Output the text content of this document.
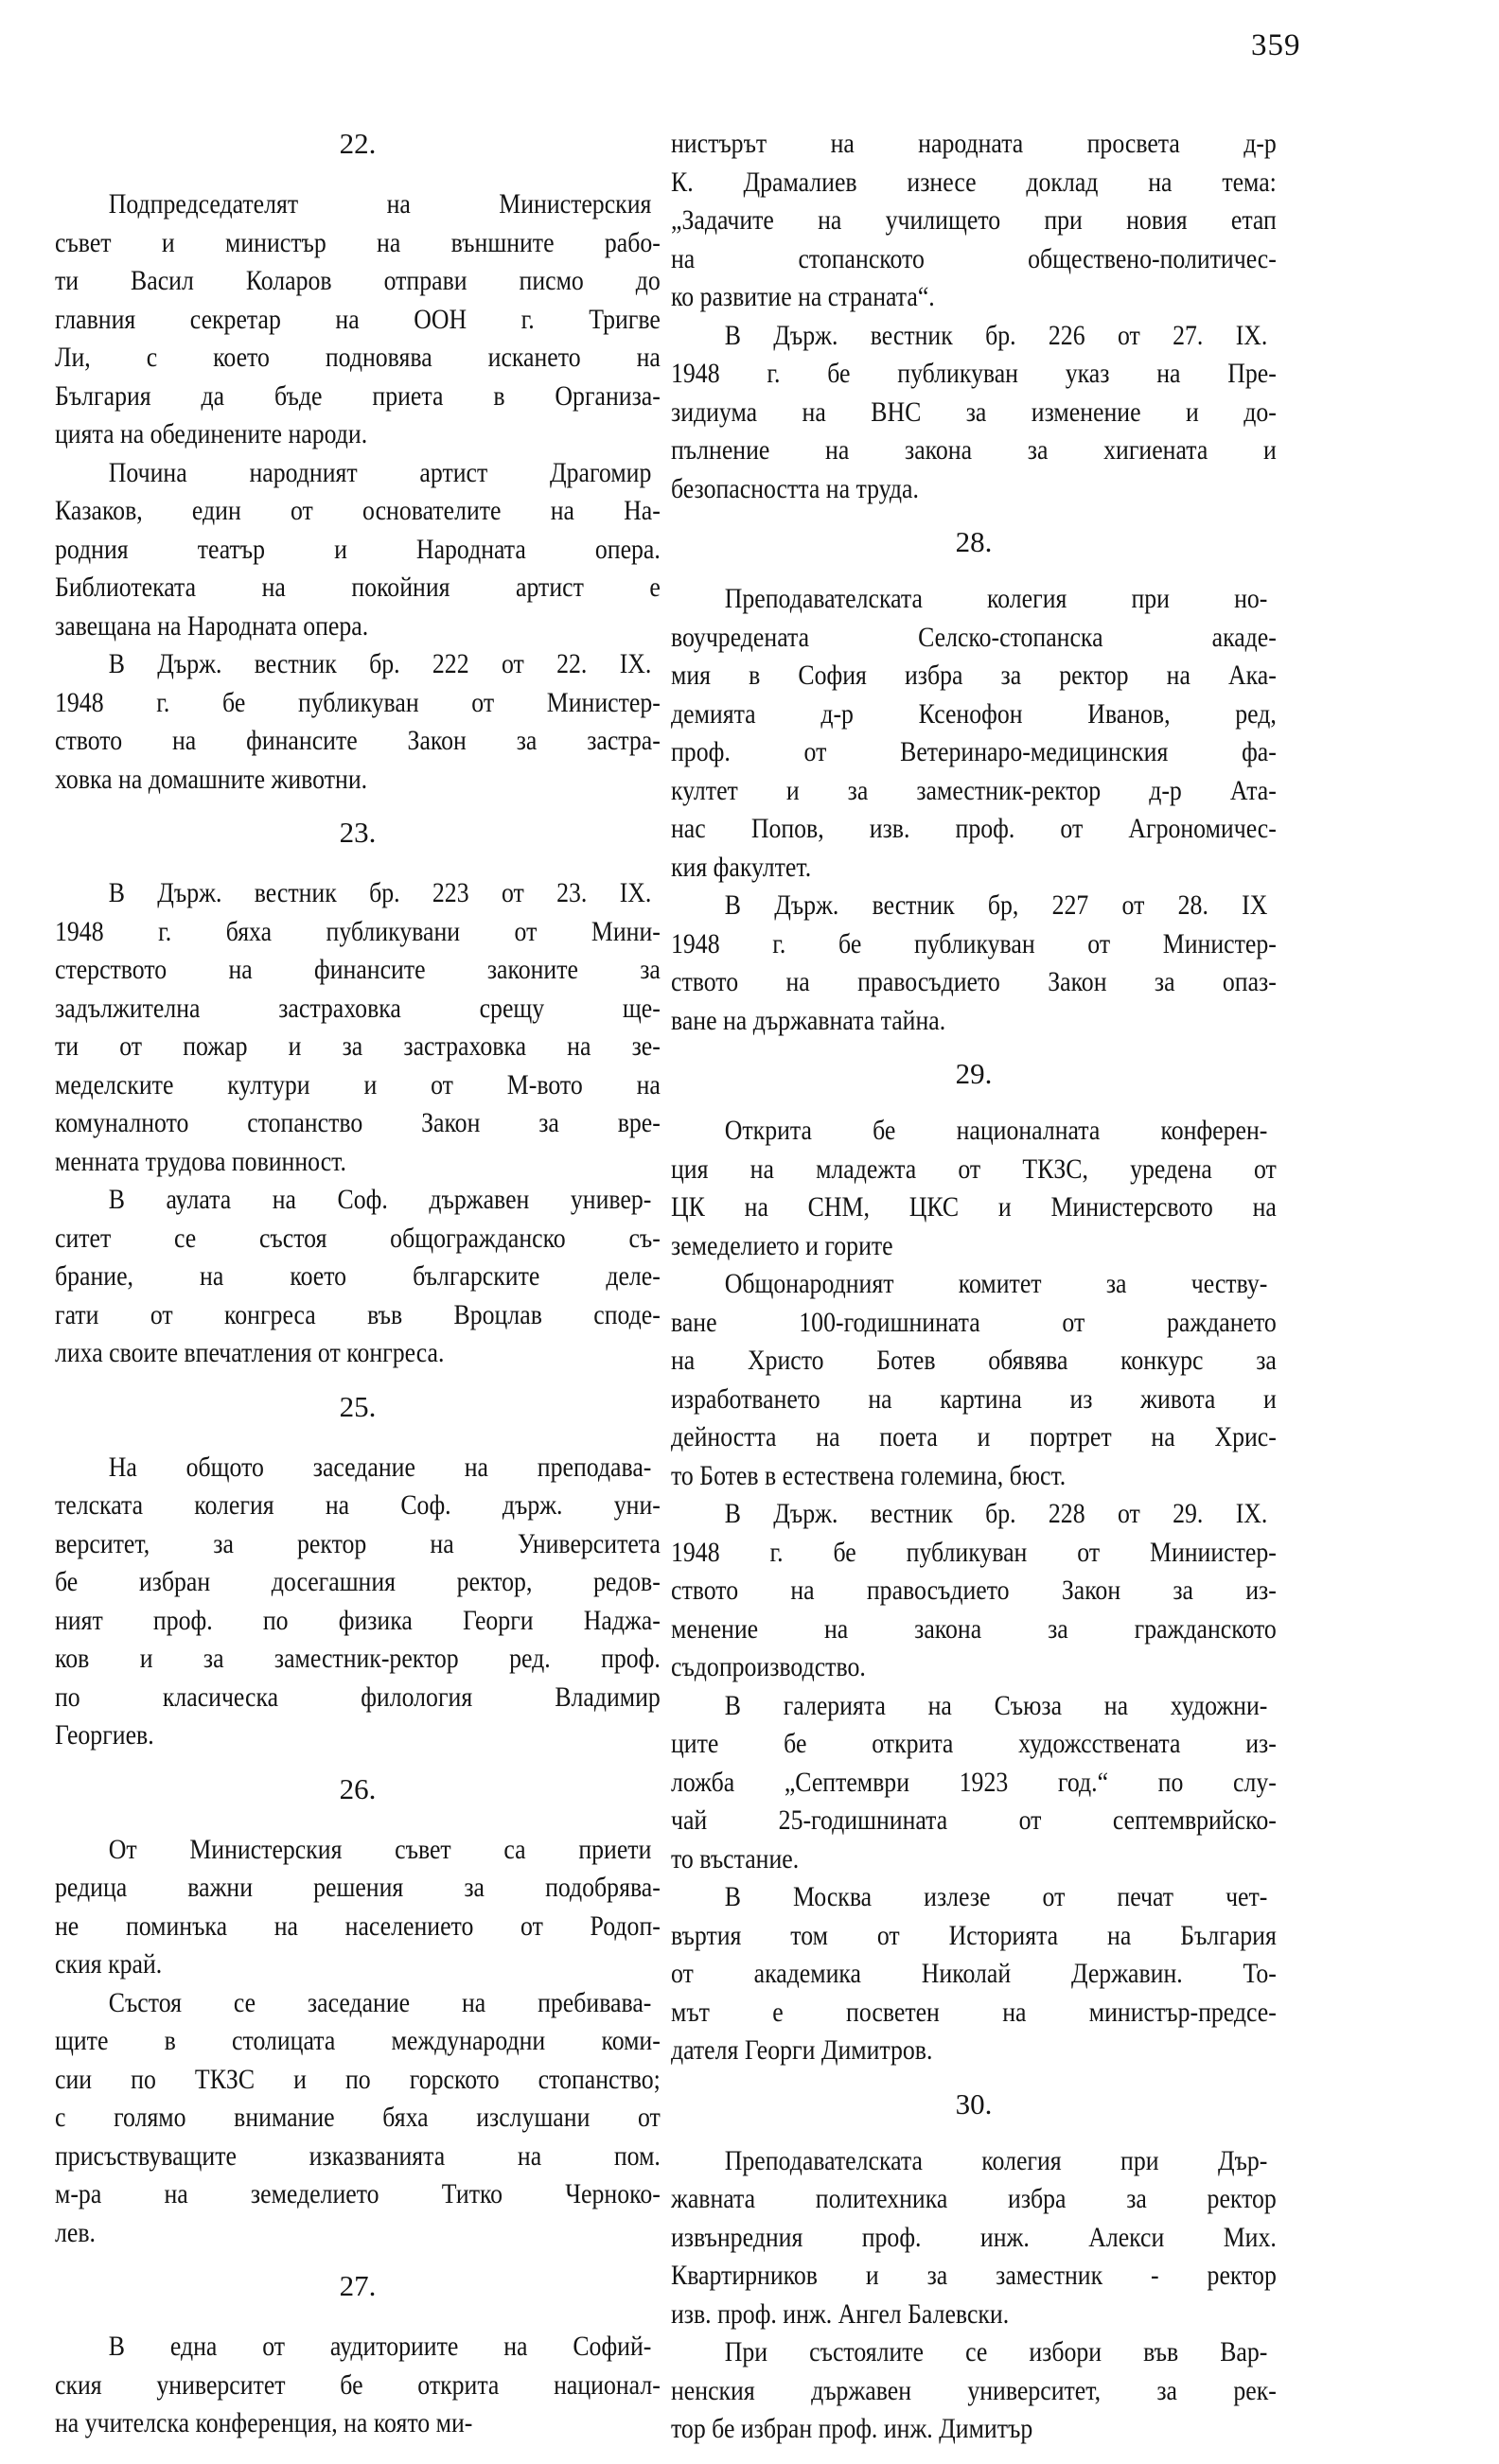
359
22.
Подпредседателят на Министерския
съвет и министър на външните рабо-
ти Васил Коларов отправи писмо до
главния секретар на ООН г. Тригве
Ли, с което подновява искането на
България да бъде приета в Организа-
цията на обединените народи.
Почина народният артист Драгомир
Казаков, един от основателите на На-
родния театър и Народната опера.
Библиотеката на покойния артист е
завещана на Народната опера.
В Държ. вестник бр. 222 от 22. IX.
1948 г. бе публикуван от Министер-
ството на финансите Закон за застра-
ховка на домашните животни.
23.
В Държ. вестник бр. 223 от 23. IX.
1948 г. бяха публикувани от Мини-
стерството на финансите законите за
задължителна застраховка срещу ще-
ти от пожар и за застраховка на зе-
меделските култури и от М-вото на
комуналното стопанство Закон за вре-
менната трудова повинност.
В аулата на Соф. държавен универ-
ситет се състоя общогражданско съ-
брание, на което българските деле-
гати от конгреса във Вроцлав споде-
лиха своите впечатления от конгреса.
25.
На общото заседание на преподава-
телската колегия на Соф. държ. уни-
верситет, за ректор на Университета
бе избран досегашния ректор, редов-
ният проф. по физика Георги Наджа-
ков и за заместник-ректор ред. проф.
по класическа филология Владимир
Георгиев.
26.
От Министерския съвет са приети
редица важни решения за подобрява-
не поминъка на населението от Родоп-
ския край.
Състоя се заседание на пребивава-
щите в столицата международни коми-
сии по ТКЗС и по горското стопанство;
с голямо внимание бяха изслушани от
присъствуващите изказванията на пом.
м-ра на земеделието Титко Черноко-
лев.
27.
В една от аудиториите на Софий-
ския университет бе открита национал-
на учителска конференция, на която ми-
нистърът на народната просвета д-р
К. Драмалиев изнесе доклад на тема:
„Задачите на училището при новия етап
на стопанското обществено-политичес-
ко развитие на страната“.
В Държ. вестник бр. 226 от 27. IX.
1948 г. бе публикуван указ на Пре-
зидиума на ВНС за изменение и до-
пълнение на закона за хигиената и
безопасността на труда.
28.
Преподавателската колегия при но-
воучредената Селско-стопанска акаде-
мия в София избра за ректор на Ака-
демията д-р Ксенофон Иванов, ред,
проф. от Ветеринаро-медицинския фа-
култет и за заместник-ректор д-р Ата-
нас Попов, изв. проф. от Агрономичес-
кия факултет.
В Държ. вестник бр, 227 от 28. IX
1948 г. бе публикуван от Министер-
ството на правосъдието Закон за опаз-
ване на държавната тайна.
29.
Открита бе националната конферен-
ция на младежта от ТКЗС, уредена от
ЦК на СНМ, ЦКС и Министерсвото на
земеделието и горите
Общонародният комитет за честву-
ване 100-годишнината от раждането
на Христо Ботев обявява конкурс за
изработването на картина из живота и
дейността на поета и портрет на Хрис-
то Ботев в естествена големина, бюст.
В Държ. вестник бр. 228 от 29. IX.
1948 г. бе публикуван от Миниистер-
ството на правосъдието Закон за из-
менение на закона за гражданското
съдопроизводство.
В галерията на Съюза на художни-
ците бе открита художсствената из-
ложба „Септември 1923 год.“ по слу-
чай 25-годишнината от септемврийско-
то въстание.
В Москва излезе от печат чет-
въртия том от Историята на България
от академика Николай Державин. То-
мът е посветен на министър-предсе-
дателя Георги Димитров.
30.
Преподавателската колегия при Дър-
жавната политехника избра за ректор
извънредния проф. инж. Алекси Мих.
Квартирников и за заместник - ректор
изв. проф. инж. Ангел Балевски.
При състоялите се избори във Вар-
ненския държавен университет, за рек-
тор бе избран проф. инж. Димитър
